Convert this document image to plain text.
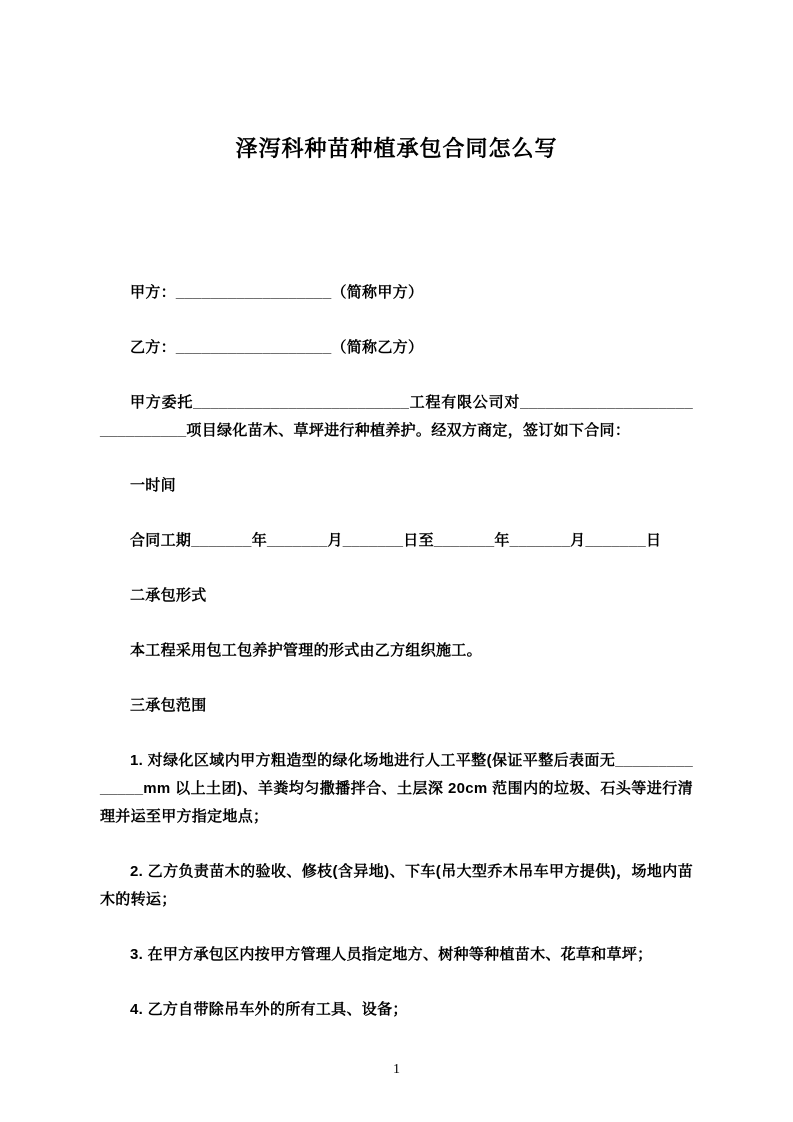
泽泻科种苗种植承包合同怎么写

甲方：__________________（简称甲方）

乙方：__________________（简称乙方）

甲方委托_________________________工程有限公司对______________________________项目绿化苗木、草坪进行种植养护。经双方商定，签订如下合同：

一时间

合同工期_______年_______月_______日至_______年_______月_______日

二承包形式

本工程采用包工包养护管理的形式由乙方组织施工。

三承包范围

1. 对绿化区域内甲方粗造型的绿化场地进行人工平整(保证平整后表面无______________mm 以上土团)、羊粪均匀撒播拌合、土层深 20cm 范围内的垃圾、石头等进行清理并运至甲方指定地点；

2. 乙方负责苗木的验收、修枝(含异地)、下车(吊大型乔木吊车甲方提供)，场地内苗木的转运；

3. 在甲方承包区内按甲方管理人员指定地方、树种等种植苗木、花草和草坪；

4. 乙方自带除吊车外的所有工具、设备；

1
